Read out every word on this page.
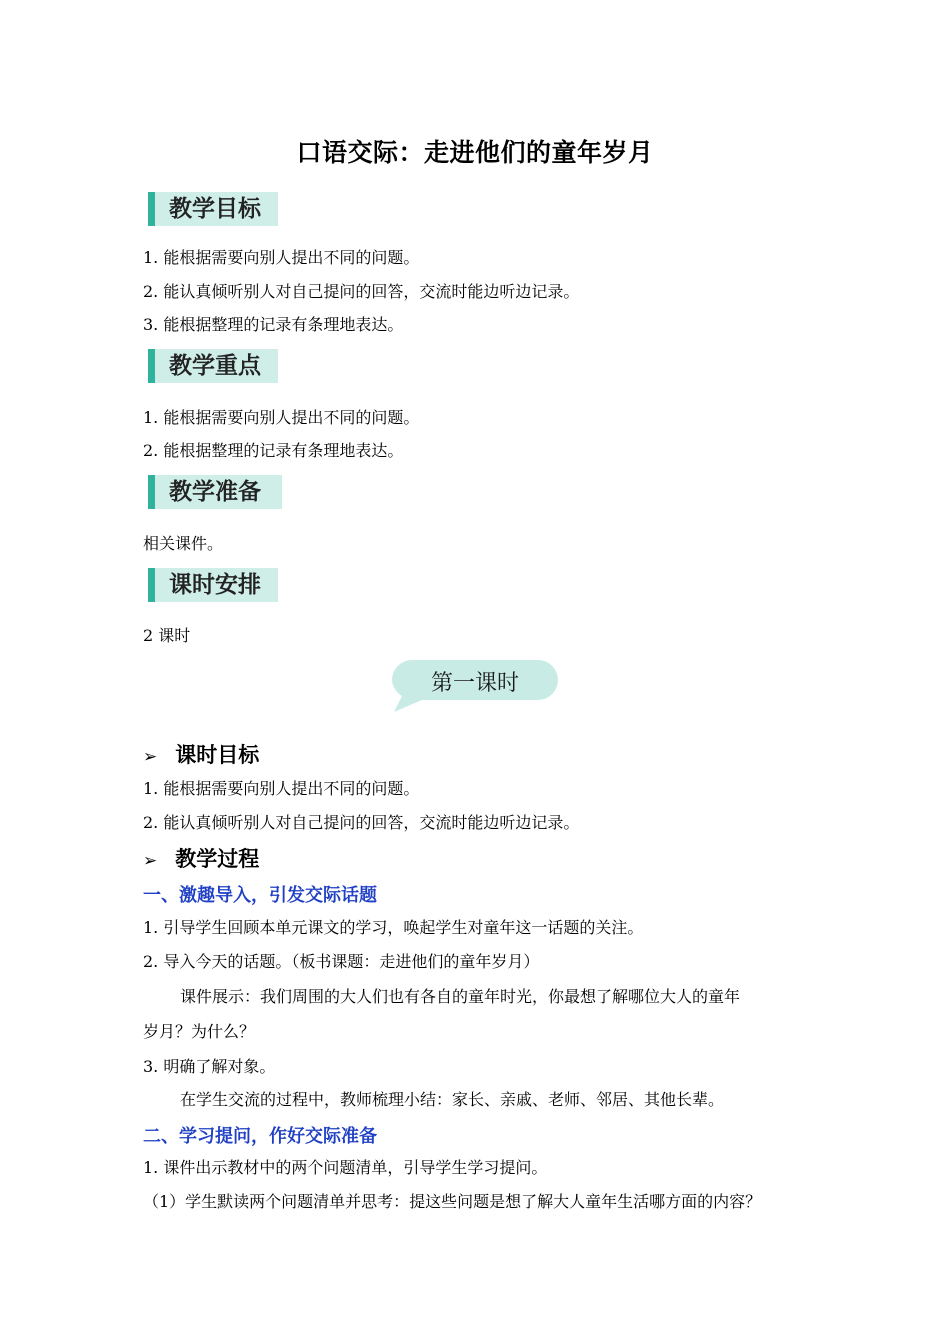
口语交际：走进他们的童年岁月
教学目标
1. 能根据需要向别人提出不同的问题。
2. 能认真倾听别人对自己提问的回答，交流时能边听边记录。
3. 能根据整理的记录有条理地表达。
教学重点
1. 能根据需要向别人提出不同的问题。
2. 能根据整理的记录有条理地表达。
教学准备
相关课件。
课时安排
2 课时
第一课时
➢ 课时目标
1. 能根据需要向别人提出不同的问题。
2. 能认真倾听别人对自己提问的回答，交流时能边听边记录。
➢ 教学过程
一、激趣导入，引发交际话题
1. 引导学生回顾本单元课文的学习，唤起学生对童年这一话题的关注。
2. 导入今天的话题。（板书课题：走进他们的童年岁月）
课件展示：我们周围的大人们也有各自的童年时光，你最想了解哪位大人的童年
岁月？为什么？
3. 明确了解对象。
在学生交流的过程中，教师梳理小结：家长、亲戚、老师、邻居、其他长辈。
二、学习提问，作好交际准备
1. 课件出示教材中的两个问题清单，引导学生学习提问。
（1）学生默读两个问题清单并思考：提这些问题是想了解大人童年生活哪方面的内容？
